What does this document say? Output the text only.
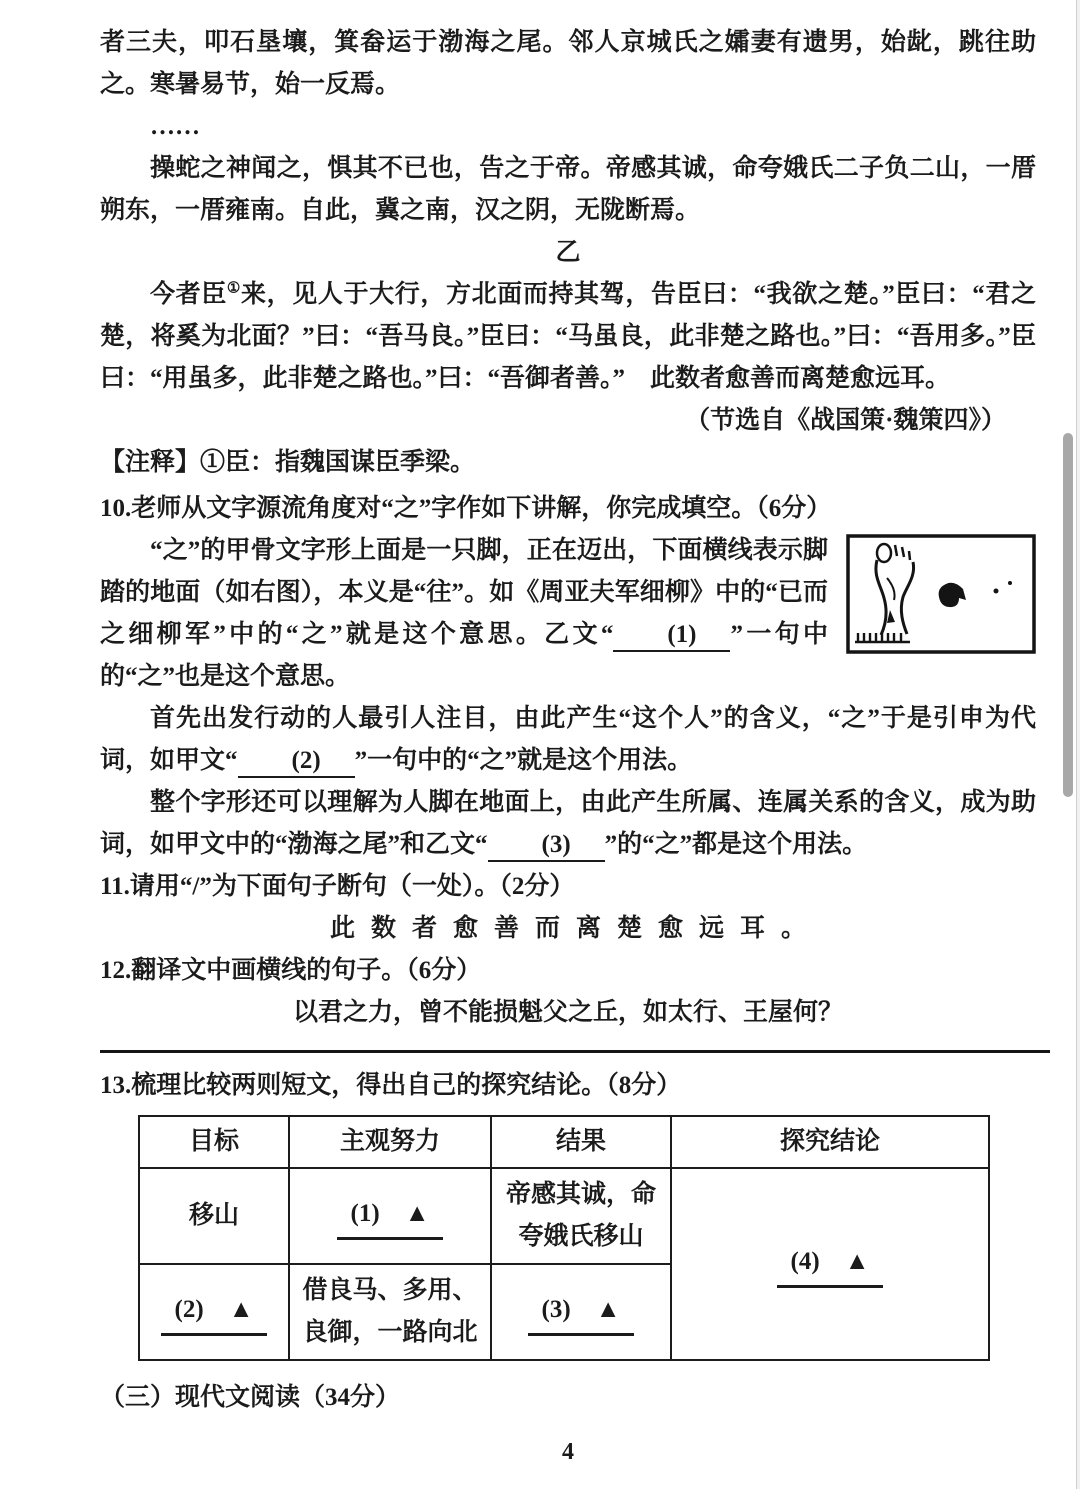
者三夫，叩石垦壤，箕畚运于渤海之尾。邻人京城氏之孀妻有遗男，始龀，跳往助之。寒暑易节，始一反焉。

……

操蛇之神闻之，惧其不已也，告之于帝。帝感其诚，命夸娥氏二子负二山，一厝朔东，一厝雍南。自此，冀之南，汉之阴，无陇断焉。

乙

今者臣①来，见人于大行，方北面而持其驾，告臣曰：“我欲之楚。”臣曰：“君之楚，将奚为北面？”曰：“吾马良。”臣曰：“马虽良，此非楚之路也。”曰：“吾用多。”臣曰：“用虽多，此非楚之路也。”曰：“吾御者善。”　此数者愈善而离楚愈远耳。

（节选自《战国策·魏策四》）

【注释】①臣：指魏国谋臣季梁。

10.老师从文字源流角度对“之”字作如下讲解，你完成填空。（6分）

“之”的甲骨文字形上面是一只脚，正在迈出，下面横线表示脚踏的地面（如右图），本义是“往”。如《周亚夫军细柳》中的“已而之细柳军”中的“之”就是这个意思。乙文“ (1) ”一句中的“之”也是这个意思。

首先出发行动的人最引人注目，由此产生“这个人”的含义，“之”于是引申为代词，如甲文“ (2) ”一句中的“之”就是这个用法。

整个字形还可以理解为人脚在地面上，由此产生所属、连属关系的含义，成为助词，如甲文中的“渤海之尾”和乙文“ (3) ”的“之”都是这个用法。

11.请用“/”为下面句子断句（一处）。（2分）

此数者愈善而离楚愈远耳。

12.翻译文中画横线的句子。（6分）

以君之力，曾不能损魁父之丘，如太行、王屋何？

13.梳理比较两则短文，得出自己的探究结论。（8分）

目标	主观努力	结果	探究结论
移山	(1)　▲	帝感其诚，命夸娥氏移山	(4)　▲
(2)　▲	借良马、多用、良御，一路向北	(3)　▲	

（三）现代文阅读（34分）

4
